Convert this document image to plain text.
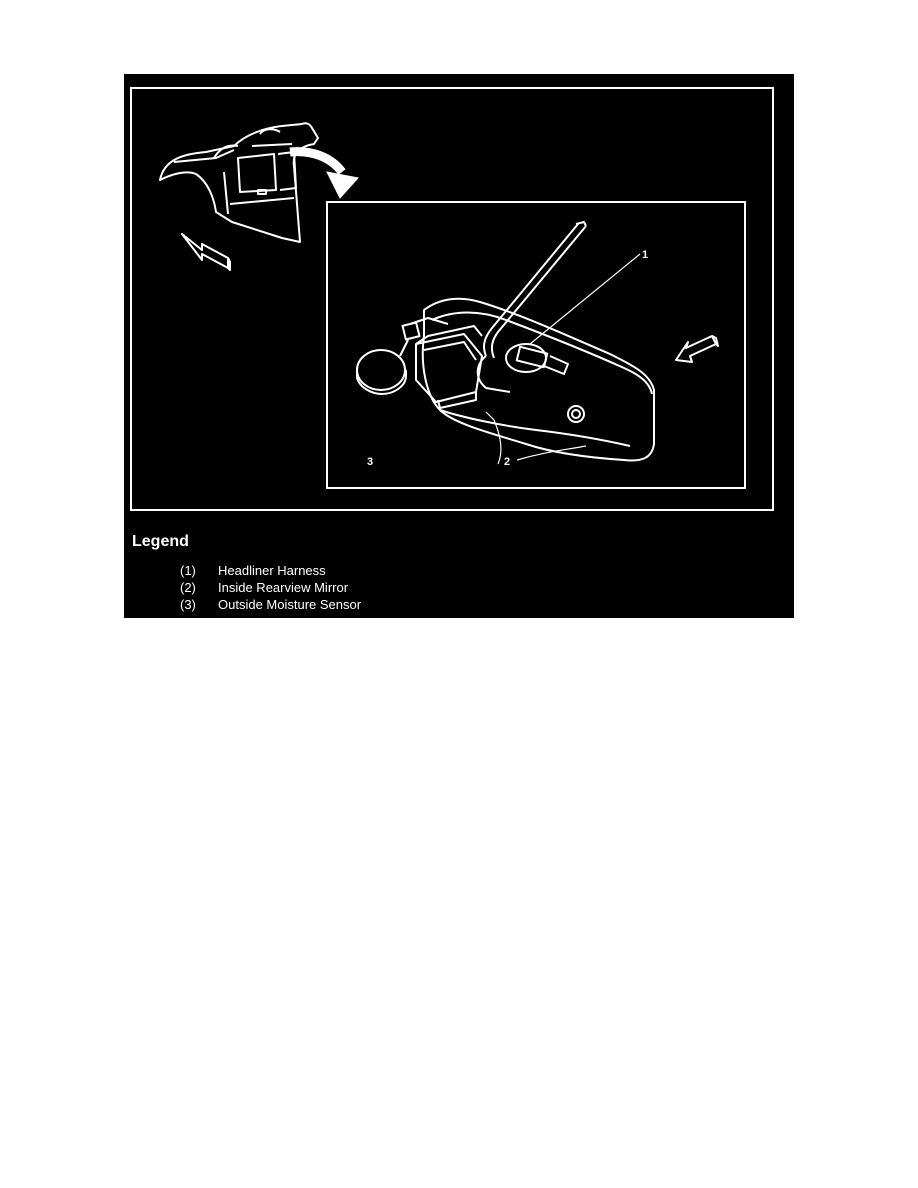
1
2
3
Legend
(1) Headliner Harness
(2) Inside Rearview Mirror
(3) Outside Moisture Sensor
